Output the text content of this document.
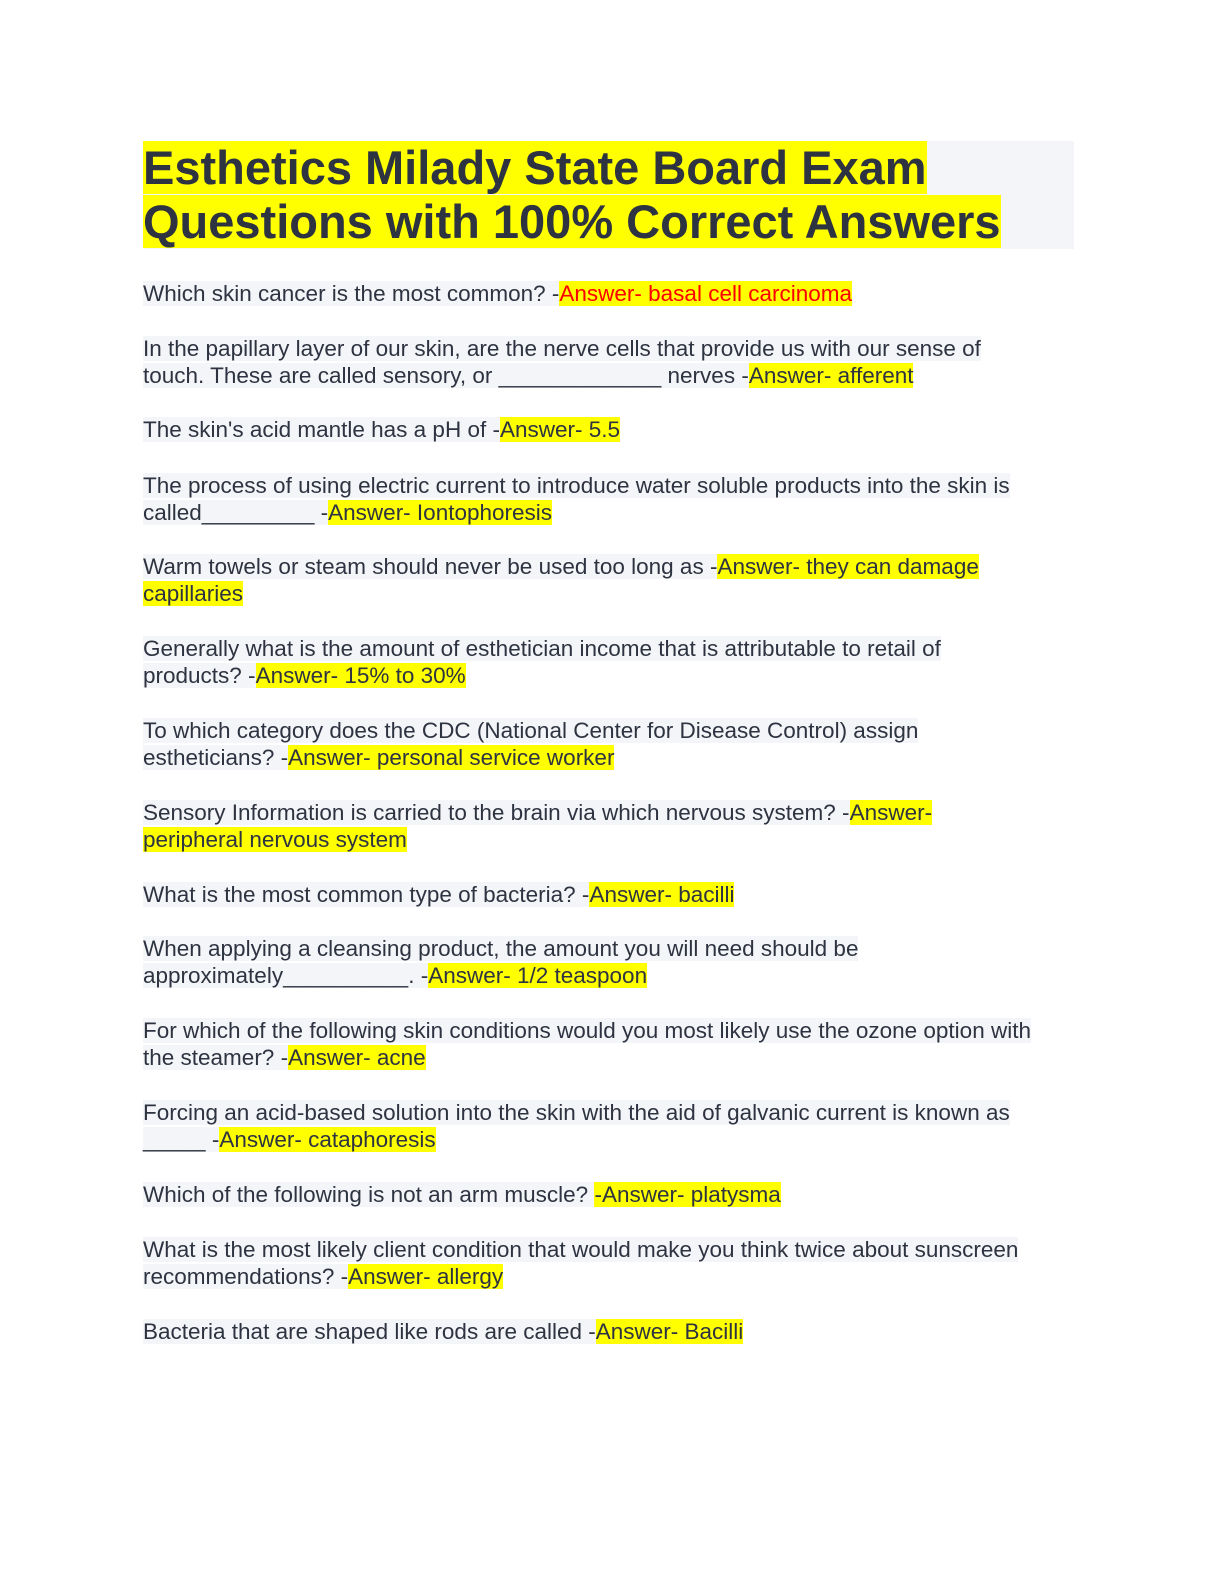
Esthetics Milady State Board Exam
Questions with 100% Correct Answers

Which skin cancer is the most common? -Answer- basal cell carcinoma

In the papillary layer of our skin, are the nerve cells that provide us with our sense of touch. These are called sensory, or _____________ nerves -Answer- afferent

The skin's acid mantle has a pH of -Answer- 5.5

The process of using electric current to introduce water soluble products into the skin is called_________ -Answer- Iontophoresis

Warm towels or steam should never be used too long as -Answer- they can damage capillaries

Generally what is the amount of esthetician income that is attributable to retail of products? -Answer- 15% to 30%

To which category does the CDC (National Center for Disease Control) assign estheticians? -Answer- personal service worker

Sensory Information is carried to the brain via which nervous system? -Answer- peripheral nervous system

What is the most common type of bacteria? -Answer- bacilli

When applying a cleansing product, the amount you will need should be approximately__________. -Answer- 1/2 teaspoon

For which of the following skin conditions would you most likely use the ozone option with the steamer? -Answer- acne

Forcing an acid-based solution into the skin with the aid of galvanic current is known as _____ -Answer- cataphoresis

Which of the following is not an arm muscle? -Answer- platysma

What is the most likely client condition that would make you think twice about sunscreen recommendations? -Answer- allergy

Bacteria that are shaped like rods are called -Answer- Bacilli
